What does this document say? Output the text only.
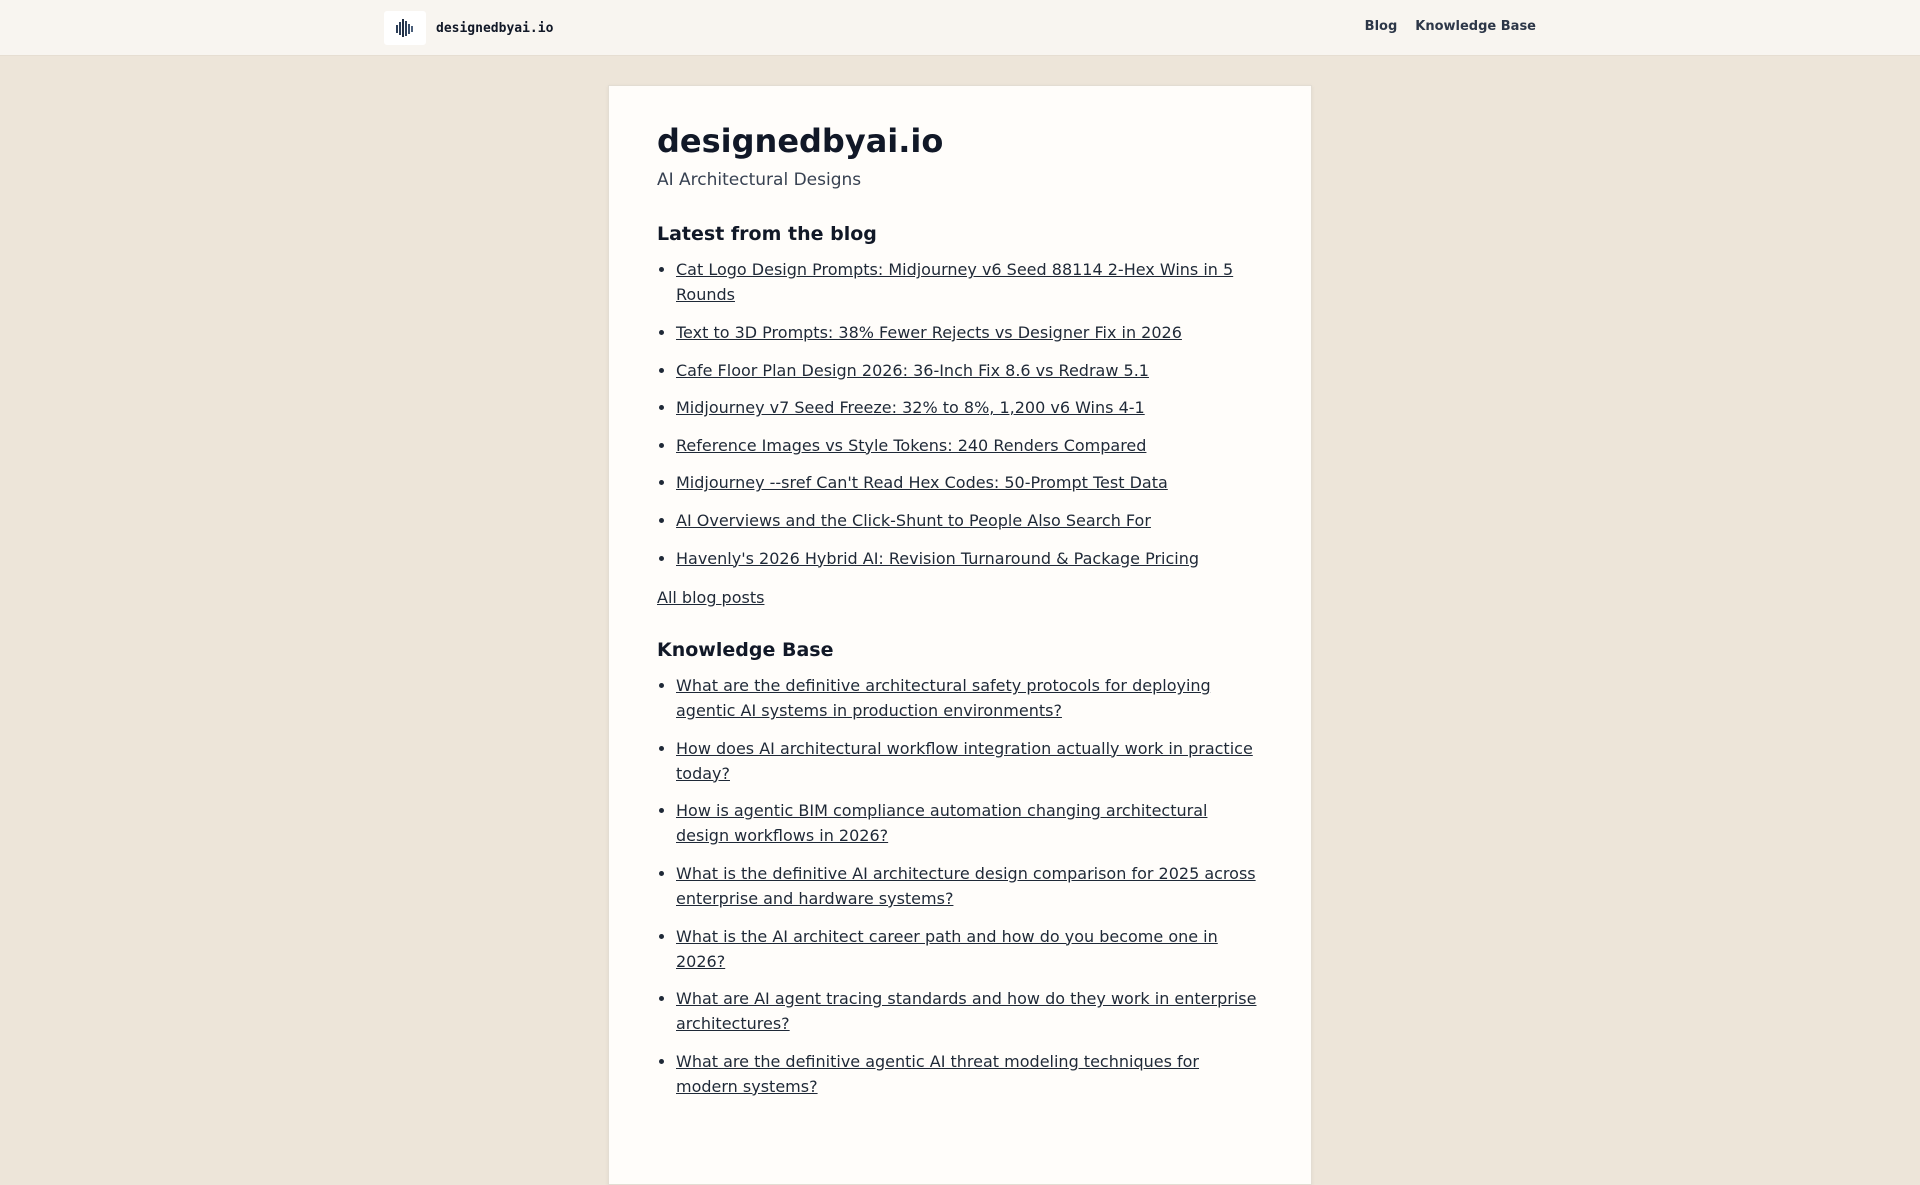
designedbyai.io	Blog Knowledge Base
designedbyai.io

AI Architectural Designs

Latest from the blog
• Cat Logo Design Prompts: Midjourney v6 Seed 88114 2-Hex Wins in 5 Rounds
• Text to 3D Prompts: 38% Fewer Rejects vs Designer Fix in 2026
• Cafe Floor Plan Design 2026: 36-Inch Fix 8.6 vs Redraw 5.1
• Midjourney v7 Seed Freeze: 32% to 8%, 1,200 v6 Wins 4-1
• Reference Images vs Style Tokens: 240 Renders Compared
• Midjourney --sref Can't Read Hex Codes: 50-Prompt Test Data
• AI Overviews and the Click-Shunt to People Also Search For
• Havenly's 2026 Hybrid AI: Revision Turnaround & Package Pricing
All blog posts
Knowledge Base
• What are the definitive architectural safety protocols for deploying agentic AI systems in production environments?
• How does AI architectural workflow integration actually work in practice today?
• How is agentic BIM compliance automation changing architectural design workflows in 2026?
• What is the definitive AI architecture design comparison for 2025 across enterprise and hardware systems?
• What is the AI architect career path and how do you become one in 2026?
• What are AI agent tracing standards and how do they work in enterprise architectures?
• What are the definitive agentic AI threat modeling techniques for modern systems?
